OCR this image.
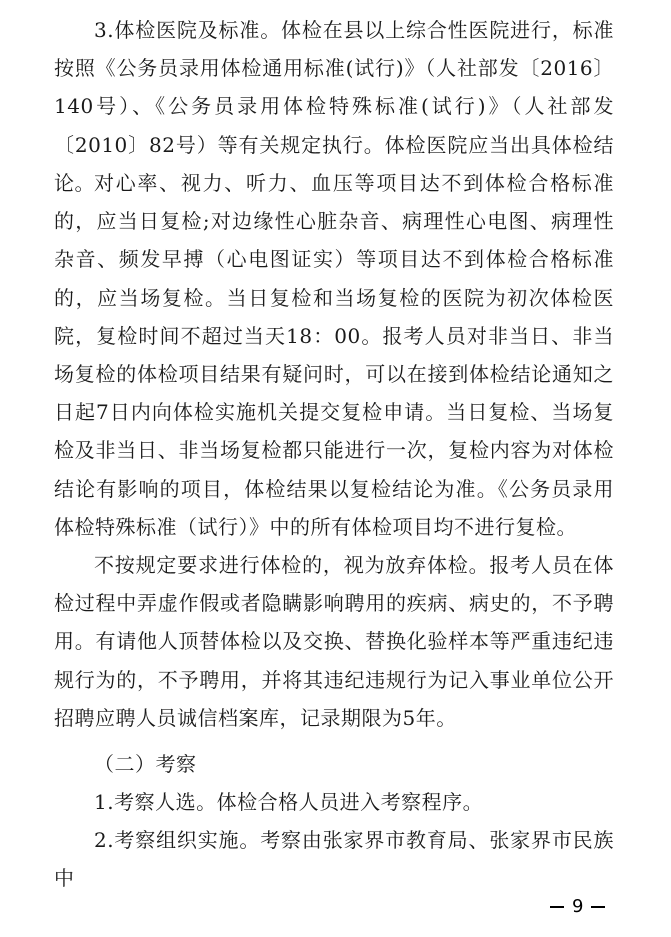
3.体检医院及标准。体检在县以上综合性医院进行，标准按照《公务员录用体检通用标准(试行)》（人社部发〔2016〕140号）、《公务员录用体检特殊标准(试行)》（人社部发〔2010〕82号）等有关规定执行。体检医院应当出具体检结论。 对心率、视力、听力、血压等项目达不到体检合格标准的，应当日复检;对边缘性心脏杂音、病理性心电图、病理性杂音、频发早搏（心电图证实）等项目达不到体检合格标准的，应当场复检。当日复检和当场复检的医院为初次体检医院，复检时间不超过当天18：00。报考人员对非当日、非当场复检的体检项目结果有疑问时，可以在接到体检结论通知之日起7日内向体检实施机关提交复检申请。当日复检、当场复检及非当日、非当场复检都只能进行一次，复检内容为对体检结论有影响的项目，体检结果以复检结论为准。《公务员录用体检特殊标准（试行）》中的所有体检项目均不进行复检。

不按规定要求进行体检的，视为放弃体检。报考人员在体检过程中弄虚作假或者隐瞒影响聘用的疾病、病史的，不予聘用。有请他人顶替体检以及交换、替换化验样本等严重违纪违规行为的，不予聘用，并将其违纪违规行为记入事业单位公开招聘应聘人员诚信档案库，记录期限为5年。

（二）考察

1.考察人选。体检合格人员进入考察程序。

2.考察组织实施。考察由张家界市教育局、张家界市民族中

9
